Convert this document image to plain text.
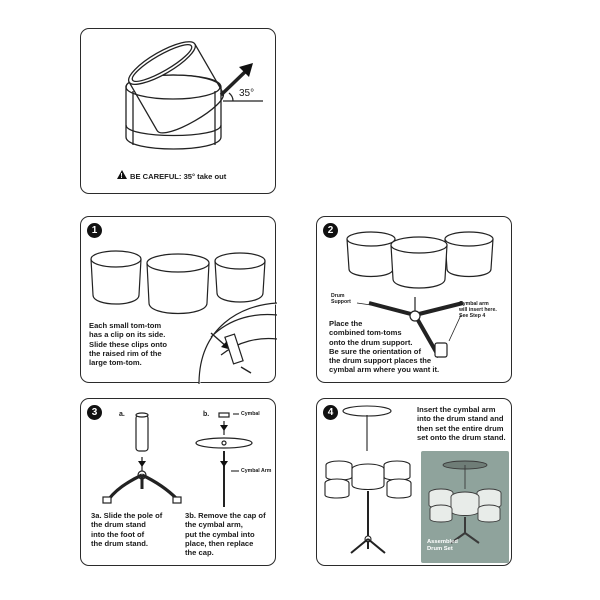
!
35°
BE CAREFUL: 35° take out
1
Each small tom-tom
has a clip on its side.
Slide these clips onto
the raised rim of the
large tom-tom.
2
Drum
Support	Cymbal arm
will insert here.
See Step 4
Place the
combined tom-toms
onto the drum support.
Be sure the orientation of
the drum support places the
cymbal arm where you want it.
3	a.	b.	Cymbal
Cymbal Arm
3a. Slide the pole of
the drum stand
into the foot of
the drum stand.
3b. Remove the cap of
the cymbal arm,
put the cymbal into
place, then replace
the cap.
Assembled
Drum Set
4	Insert the cymbal arm
into the drum stand and
then set the entire drum
set onto the drum stand.
